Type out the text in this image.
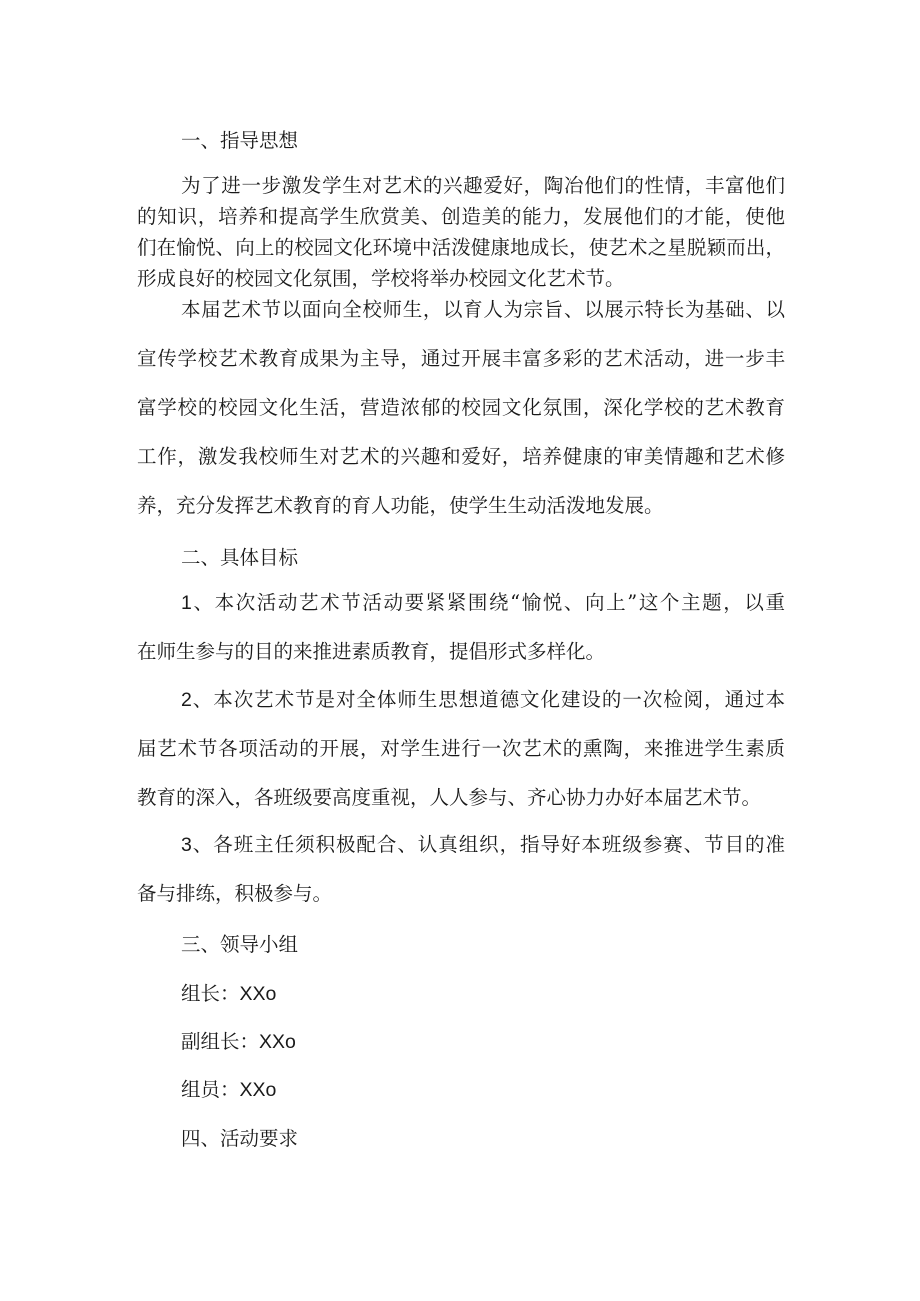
一、指导思想
为了进一步激发学生对艺术的兴趣爱好，陶冶他们的性情，丰富他们
的知识，培养和提高学生欣赏美、创造美的能力，发展他们的才能，使他
们在愉悦、向上的校园文化环境中活泼健康地成长，使艺术之星脱颖而出，
形成良好的校园文化氛围，学校将举办校园文化艺术节。
本届艺术节以面向全校师生，以育人为宗旨、以展示特长为基础、以
宣传学校艺术教育成果为主导，通过开展丰富多彩的艺术活动，进一步丰
富学校的校园文化生活，营造浓郁的校园文化氛围，深化学校的艺术教育
工作，激发我校师生对艺术的兴趣和爱好，培养健康的审美情趣和艺术修
养，充分发挥艺术教育的育人功能，使学生生动活泼地发展。
二、具体目标
1、本次活动艺术节活动要紧紧围绕“愉悦、向上”这个主题，以重
在师生参与的目的来推进素质教育，提倡形式多样化。
2、本次艺术节是对全体师生思想道德文化建设的一次检阅，通过本
届艺术节各项活动的开展，对学生进行一次艺术的熏陶，来推进学生素质
教育的深入，各班级要高度重视，人人参与、齐心协力办好本届艺术节。
3、各班主任须积极配合、认真组织，指导好本班级参赛、节目的准
备与排练，积极参与。
三、领导小组
组长：XXo
副组长：XXo
组员：XXo
四、活动要求
